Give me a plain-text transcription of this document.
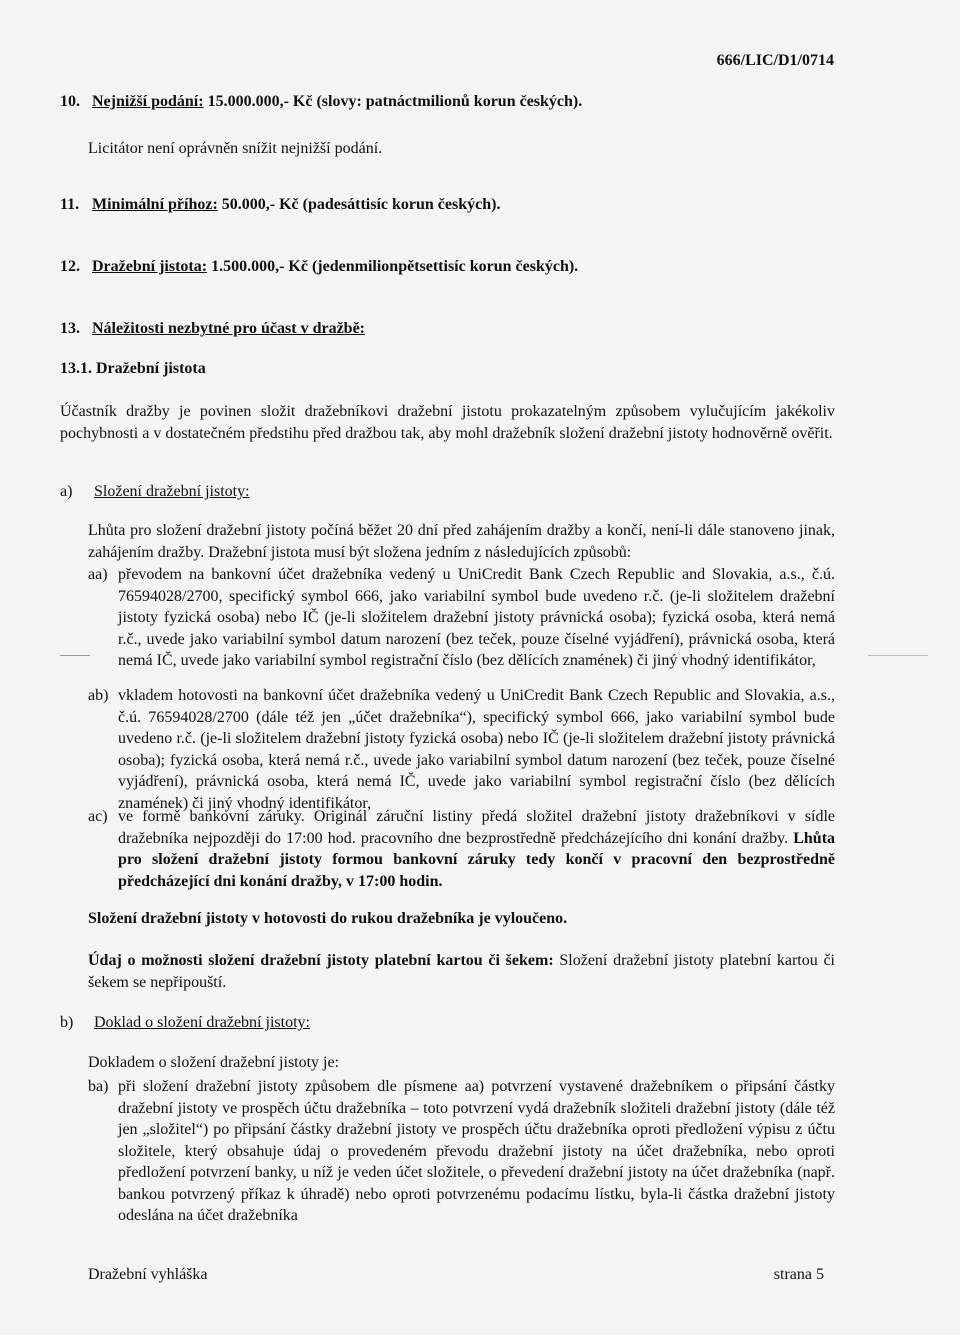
666/LIC/D1/0714
10. Nejnižší podání: 15.000.000,- Kč (slovy: patnáctmilionů korun českých).
Licitátor není oprávněn snížit nejnižší podání.
11. Minimální příhoz: 50.000,- Kč (padesáttisíc korun českých).
12. Dražební jistota: 1.500.000,- Kč (jedenmilionpětsettisíc korun českých).
13. Náležitosti nezbytné pro účast v dražbě:
13.1. Dražební jistota
Účastník dražby je povinen složit dražebníkovi dražební jistotu prokazatelným způsobem vylučujícím jakékoliv pochybnosti a v dostatečném předstihu před dražbou tak, aby mohl dražebník složení dražební jistoty hodnověrně ověřit.
a) Složení dražební jistoty:
Lhůta pro složení dražební jistoty počíná běžet 20 dní před zahájením dražby a končí, není-li dále stanoveno jinak, zahájením dražby. Dražební jistota musí být složena jedním z následujících způsobů:
aa) převodem na bankovní účet dražebníka vedený u UniCredit Bank Czech Republic and Slovakia, a.s., č.ú. 76594028/2700, specifický symbol 666, jako variabilní symbol bude uvedeno r.č. (je-li složitelem dražební jistoty fyzická osoba) nebo IČ (je-li složitelem dražební jistoty právnická osoba); fyzická osoba, která nemá r.č., uvede jako variabilní symbol datum narození (bez teček, pouze číselné vyjádření), právnická osoba, která nemá IČ, uvede jako variabilní symbol registrační číslo (bez dělících znamének) či jiný vhodný identifikátor,
ab) vkladem hotovosti na bankovní účet dražebníka vedený u UniCredit Bank Czech Republic and Slovakia, a.s., č.ú. 76594028/2700 (dále též jen „účet dražebníka“), specifický symbol 666, jako variabilní symbol bude uvedeno r.č. (je-li složitelem dražební jistoty fyzická osoba) nebo IČ (je-li složitelem dražební jistoty právnická osoba); fyzická osoba, která nemá r.č., uvede jako variabilní symbol datum narození (bez teček, pouze číselné vyjádření), právnická osoba, která nemá IČ, uvede jako variabilní symbol registrační číslo (bez dělících znamének) či jiný vhodný identifikátor,
ac) ve formě bankovní záruky. Originál záruční listiny předá složitel dražební jistoty dražebníkovi v sídle dražebníka nejpozději do 17:00 hod. pracovního dne bezprostředně předcházejícího dni konání dražby. Lhůta pro složení dražební jistoty formou bankovní záruky tedy končí v pracovní den bezprostředně předcházející dni konání dražby, v 17:00 hodin.
Složení dražební jistoty v hotovosti do rukou dražebníka je vyloučeno.
Údaj o možnosti složení dražební jistoty platební kartou či šekem: Složení dražební jistoty platební kartou či šekem se nepřipouští.
b) Doklad o složení dražební jistoty:
Dokladem o složení dražební jistoty je:
ba) při složení dražební jistoty způsobem dle písmene aa) potvrzení vystavené dražebníkem o připsání částky dražební jistoty ve prospěch účtu dražebníka – toto potvrzení vydá dražebník složiteli dražební jistoty (dále též jen „složitel“) po připsání částky dražební jistoty ve prospěch účtu dražebníka oproti předložení výpisu z účtu složitele, který obsahuje údaj o provedeném převodu dražební jistoty na účet dražebníka, nebo oproti předložení potvrzení banky, u níž je veden účet složitele, o převedení dražební jistoty na účet dražebníka (např. bankou potvrzený příkaz k úhradě) nebo oproti potvrzenému podacímu lístku, byla-li částka dražební jistoty odeslána na účet dražebníka
Dražební vyhláška	strana 5
